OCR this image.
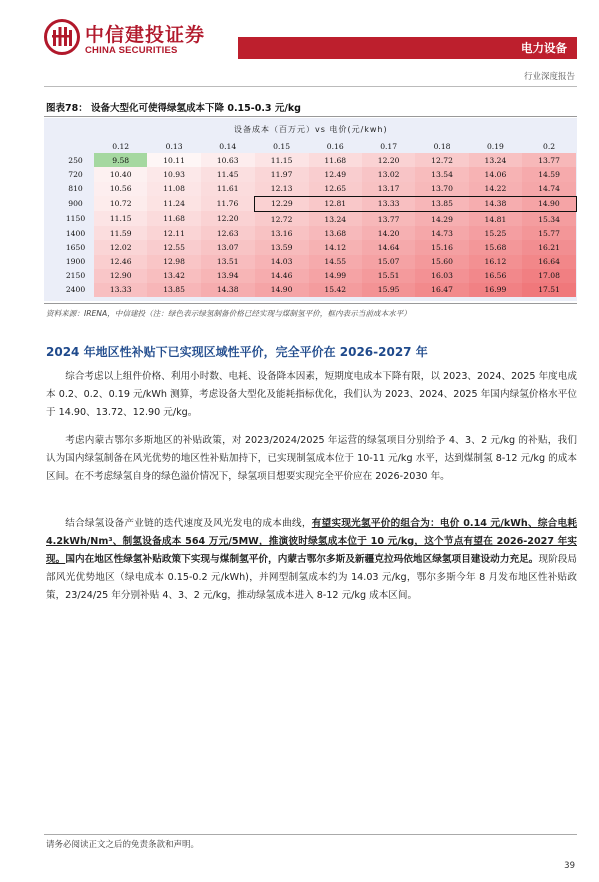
中信建投证券
CHINA SECURITIES	电力设备
行业深度报告
图表78： 设备大型化可使得绿氢成本下降 0.15-0.3 元/kg
设备成本（百万元）vs 电价(元/kwh)
	0.12	0.13	0.14	0.15	0.16	0.17	0.18	0.19	0.2
250	9.58	10.11	10.63	11.15	11.68	12.20	12.72	13.24	13.77
720	10.40	10.93	11.45	11.97	12.49	13.02	13.54	14.06	14.59
810	10.56	11.08	11.61	12.13	12.65	13.17	13.70	14.22	14.74
900	10.72	11.24	11.76	12.29	12.81	13.33	13.85	14.38	14.90
1150	11.15	11.68	12.20	12.72	13.24	13.77	14.29	14.81	15.34
1400	11.59	12.11	12.63	13.16	13.68	14.20	14.73	15.25	15.77
1650	12.02	12.55	13.07	13.59	14.12	14.64	15.16	15.68	16.21
1900	12.46	12.98	13.51	14.03	14.55	15.07	15.60	16.12	16.64
2150	12.90	13.42	13.94	14.46	14.99	15.51	16.03	16.56	17.08
2400	13.33	13.85	14.38	14.90	15.42	15.95	16.47	16.99	17.51
资料来源：IRENA，中信建投（注：绿色表示绿氢制备价格已经实现与煤制氢平价，框内表示当前成本水平）
2024 年地区性补贴下已实现区域性平价，完全平价在 2026-2027 年

综合考虑以上组件价格、利用小时数、电耗、设备降本因素，短期度电成本下降有限，以 2023、2024、2025 年度电成本 0.2、0.2、0.19 元/kWh 测算，考虑设备大型化及能耗指标优化，我们认为 2023、2024、2025 年国内绿氢价格水平位于 14.90、13.72、12.90 元/kg。

考虑内蒙古鄂尔多斯地区的补贴政策，对 2023/2024/2025 年运营的绿氢项目分别给予 4、3、2 元/kg 的补贴，我们认为国内绿氢制备在风光优势的地区性补贴加持下，已实现制氢成本位于 10-11 元/kg 水平，达到煤制氢 8-12 元/kg 的成本区间。在不考虑绿氢自身的绿色溢价情况下，绿氢项目想要实现完全平价应在 2026-2030 年。

结合绿氢设备产业链的迭代速度及风光发电的成本曲线，有望实现光氢平价的组合为：电价 0.14 元/kWh、综合电耗 4.2kWh/Nm³、制氢设备成本 564 万元/5MW，推演彼时绿氢成本位于 10 元/kg，这个节点有望在 2026-2027 年实现。国内在地区性绿氢补贴政策下实现与煤制氢平价，内蒙古鄂尔多斯及新疆克拉玛依地区绿氢项目建设动力充足。现阶段局部风光优势地区（绿电成本 0.15-0.2 元/kWh)，并网型制氢成本约为 14.03 元/kg，鄂尔多斯今年 8 月发布地区性补贴政策，23/24/25 年分别补贴 4、3、2 元/kg，推动绿氢成本进入 8-12 元/kg 成本区间。

请务必阅读正文之后的免责条款和声明。
39
